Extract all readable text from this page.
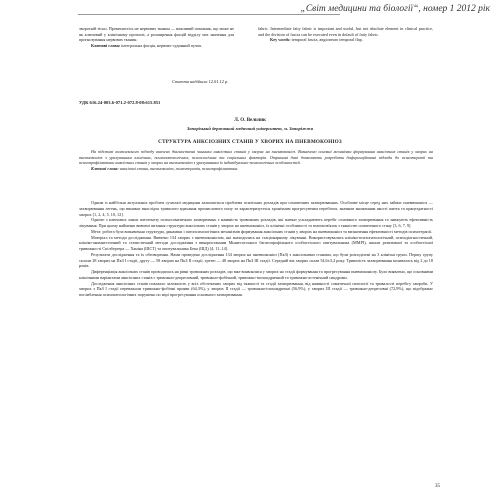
„Світ медицини та біології“, номер 1 2012 рік
зворотній тісно. Променистісь не нервових тканин — важливий показник, що може не як ключовий у клінічному прогнозі, а розширення фасцій відділу має значення для прогнозування нервових тканин.
Ключові слова: інтегральна фасція, нервово-судинний пучок.
fabric. Intermediate fatty fabric is important and useful, but not absolute element in clinical practice, and the division of fascia can be executed even in default of fatty fabric.
Key words: temporal fascia, angioneuro temporal flap.
Стаття надійшла 12.01.12 р.
УДК 616.24-003.6-071.2-072.8-08:615.851
Л. О. Вельчик
Запорізький державний медичний університет, м. Запоріжжя
СТРУКТУРА АНКСІОЗНИХ СТАНІВ У ХВОРИХ НА ПНЕВМОКОНІОЗ
На підставі комплексного підходу вивчено діагностичні чинники анксіозних станів у хворих на пневмоконіоз. Визначено основні механізми формування анксіозних станів у хворих на пневмоконіоз з урахуванням клінічних, психопатологічних, психологічних та соціальних факторів. Отримані дані дозволяють розробити диференційовані підходи до психотерапії та психопрофілактики анксіозних станів у хворих на пневмоконіоз з урахуванням їх індивідуально-психологічних особливостей.
Ключові слова: анксіозні стани, пневмоконіоз, психотерапія, психопрофілактика.

Одним із найбільш актуальних проблем сучасної медицини залишається проблема психічних розладів при соматичних захворюваннях. Особливе місце серед них займає пневмоконіоз — захворювання легень, що виникає внаслідок тривалого вдихання промислового пилу та характеризується хронічним прогресуючим перебігом, значним зниженням якості життя та працездатності хворих [1, 2, 4, 5, 10, 12].

Однією з ключових ланок патогенезу психосоматичних захворювань є наявність тривожних розладів, які значно ускладнюють перебіг основного захворювання та знижують ефективність лікування. При цьому найменш вивчені питання структури анксіозних станів у хворих на пневмоконіоз, їх клінічні особливості та взаємозв'язок з тяжкістю соматичного стану [3, 6, 7, 9].

Мета: робота була визначення структури, динаміки і патопсихологічних механізмів формування анксіозних станів у хворих на пневмоконіоз та визначення ефективності методів психотерапії.

Матеріал та методи дослідження. Вивчено 134 хворих з пневмоконіозом, які знаходились на стаціонарному лікуванні. Використовувались клініко-психопатологічний, психодіагностичний, клініко-анамнестичний та статистичний методи дослідження з використанням Міннесотського багатопрофільного особистісного опитувальника (ММРІ), шкали реактивної та особистісної тривожності Спілбергера — Ханіна (ШСТ) та опитувальника Бека (ШД) [4, 11–14].

Результати дослідження та їх обговорення. Нами проведено дослідження 134 хворих на пневмоконіоз (ПкЗ) з анксіозними станами, що були розподілені на 3 клінічні групи. Першу групу склали 28 хворих на ПкЗ І стадії, другу — 58 хворих на ПкЗ ІІ стадії, третю — 48 хворих на ПкЗ ІІІ стадії. Середній вік хворих склав 54,6±3,2 року. Тривалість захворювання коливалась від 2 до 18 років.

Диференціація анксіозних станів проводилась на рівні тривожних розладів, що вже виявлялися у хворих на стадії формування та прогресування пневмоконіозу. Було виявлено, що основними клінічними варіантами анксіозних станів є тривожно-депресивний, тривожно-фобічний, тривожно-іпохондричний та тривожно-астенічний синдроми.

Дослідження анксіозних станів показало залежність у всіх обстежених хворих від тяжкості та стадії захворювання, від наявності соматичної патології та тривалості перебігу хвороби. У хворих з ПкЗ І стадії переважали тривожно-фобічні прояви (64,3%), у хворих ІІ стадії — тривожно-іпохондричні (56,9%), у хворих ІІІ стадії — тривожно-депресивні (72,9%), що відображає поглиблення психопатологічних порушень по мірі прогресування основного захворювання.

35
